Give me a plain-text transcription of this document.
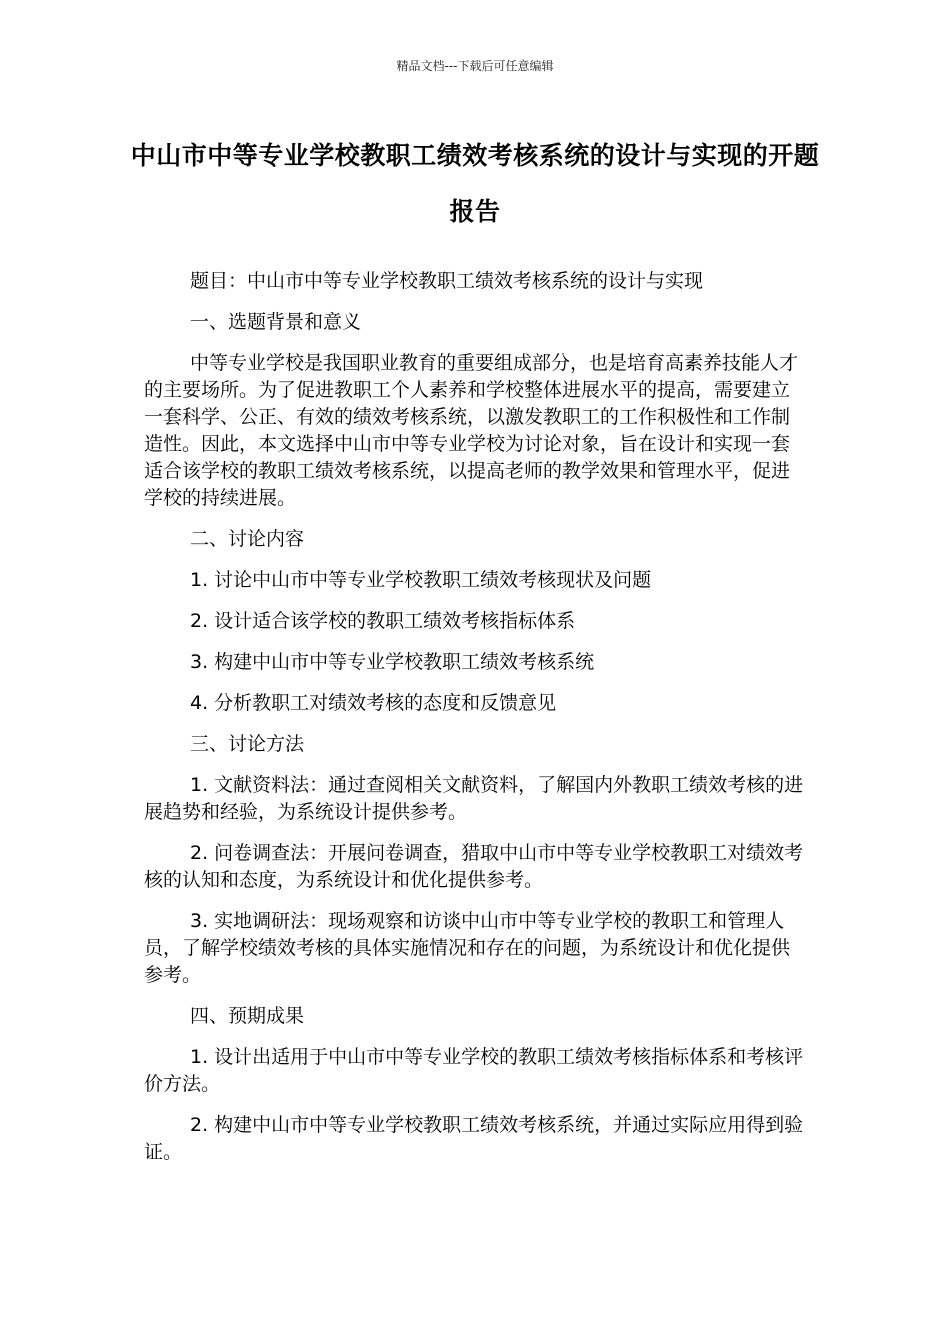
精品文档---下载后可任意编辑
中山市中等专业学校教职工绩效考核系统的设计与实现的开题报告

题目：中山市中等专业学校教职工绩效考核系统的设计与实现

一、选题背景和意义

中等专业学校是我国职业教育的重要组成部分，也是培育高素养技能人才的主要场所。为了促进教职工个人素养和学校整体进展水平的提高，需要建立一套科学、公正、有效的绩效考核系统，以激发教职工的工作积极性和工作制造性。因此，本文选择中山市中等专业学校为讨论对象，旨在设计和实现一套适合该学校的教职工绩效考核系统，以提高老师的教学效果和管理水平，促进学校的持续进展。

二、讨论内容

1. 讨论中山市中等专业学校教职工绩效考核现状及问题

2. 设计适合该学校的教职工绩效考核指标体系

3. 构建中山市中等专业学校教职工绩效考核系统

4. 分析教职工对绩效考核的态度和反馈意见

三、讨论方法

1. 文献资料法：通过查阅相关文献资料，了解国内外教职工绩效考核的进展趋势和经验，为系统设计提供参考。

2. 问卷调查法：开展问卷调查，猎取中山市中等专业学校教职工对绩效考核的认知和态度，为系统设计和优化提供参考。

3. 实地调研法：现场观察和访谈中山市中等专业学校的教职工和管理人员，了解学校绩效考核的具体实施情况和存在的问题，为系统设计和优化提供参考。

四、预期成果

1. 设计出适用于中山市中等专业学校的教职工绩效考核指标体系和考核评价方法。

2. 构建中山市中等专业学校教职工绩效考核系统，并通过实际应用得到验证。
